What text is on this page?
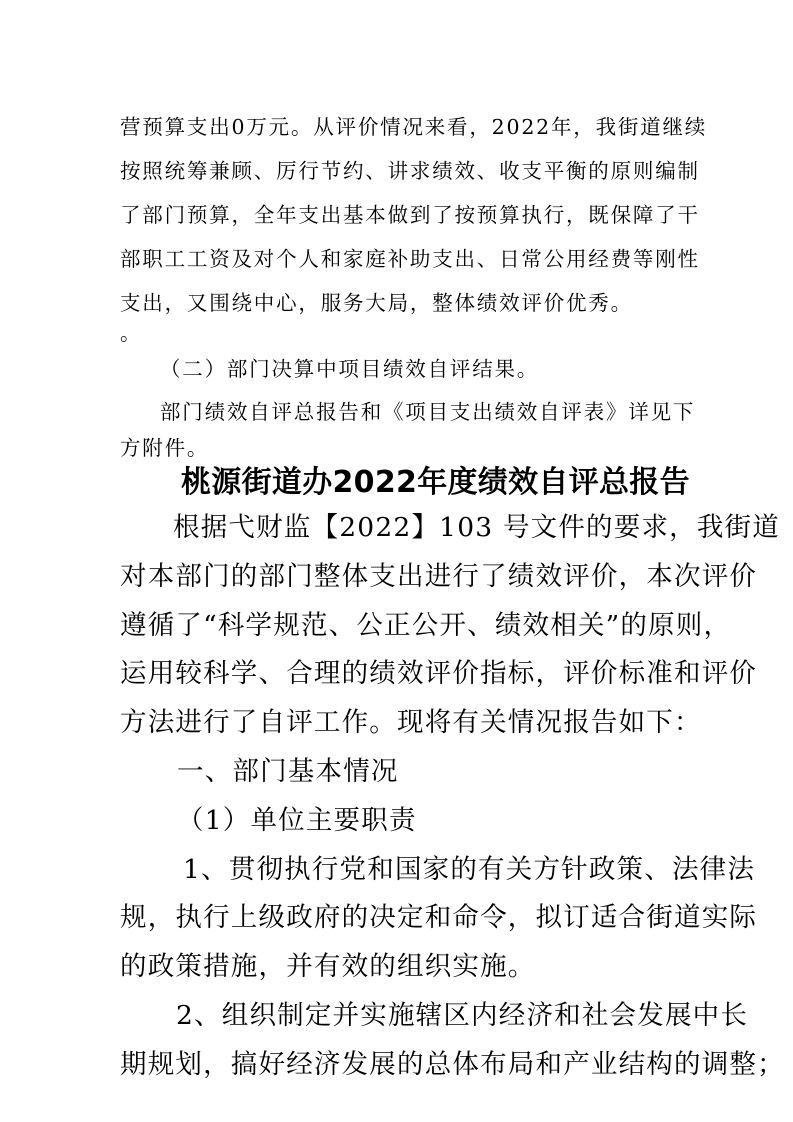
营预算支出0万元。从评价情况来看，2022年，我街道继续

按照统筹兼顾、厉行节约、讲求绩效、收支平衡的原则编制

了部门预算，全年支出基本做到了按预算执行，既保障了干

部职工工资及对个人和家庭补助支出、日常公用经费等刚性

支出，又围绕中心，服务大局，整体绩效评价优秀。

。

（二）部门决算中项目绩效自评结果。

部门绩效自评总报告和《项目支出绩效自评表》详见下

方附件。

桃源街道办2022年度绩效自评总报告

根据弋财监【2022】103 号文件的要求，我街道

对本部门的部门整体支出进行了绩效评价，本次评价

遵循了“科学规范、公正公开、绩效相关”的原则，

运用较科学、合理的绩效评价指标，评价标准和评价

方法进行了自评工作。现将有关情况报告如下：

一、部门基本情况

（1）单位主要职责

1、贯彻执行党和国家的有关方针政策、法律法

规，执行上级政府的决定和命令，拟订适合街道实际

的政策措施，并有效的组织实施。

2、组织制定并实施辖区内经济和社会发展中长

期规划，搞好经济发展的总体布局和产业结构的调整；
